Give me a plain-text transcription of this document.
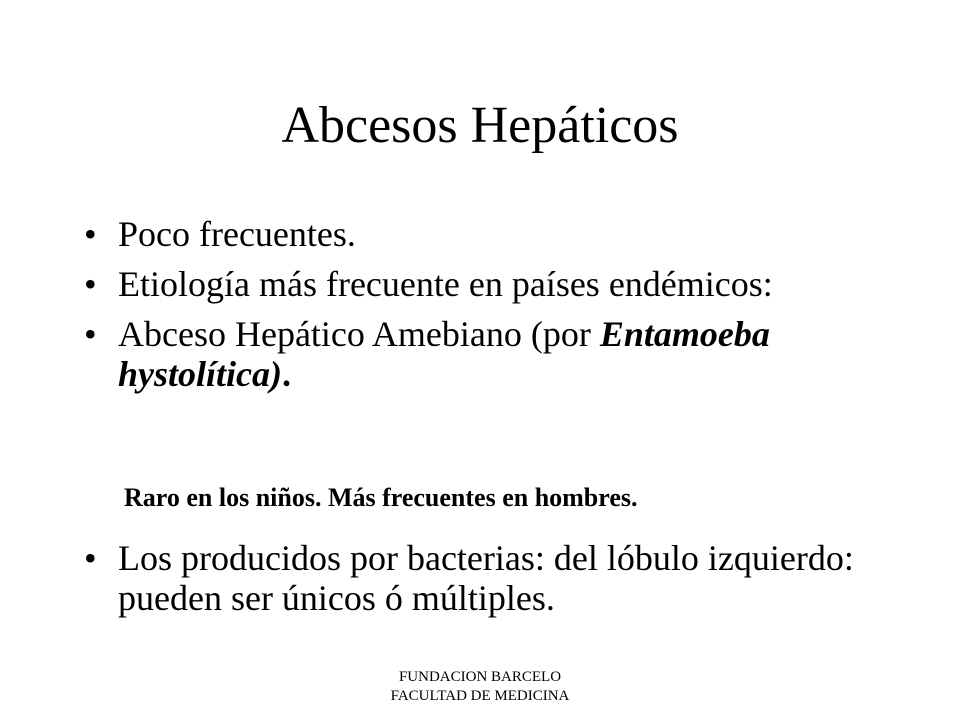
Abcesos Hepáticos
• Poco frecuentes.
• Etiología más frecuente en países endémicos:
• Abceso Hepático Amebiano (por Entamoeba hystolítica).

Raro en los niños. Más frecuentes en hombres.

• Los producidos por bacterias: del lóbulo izquierdo: pueden ser únicos ó múltiples.
FUNDACION BARCELO
FACULTAD DE MEDICINA
